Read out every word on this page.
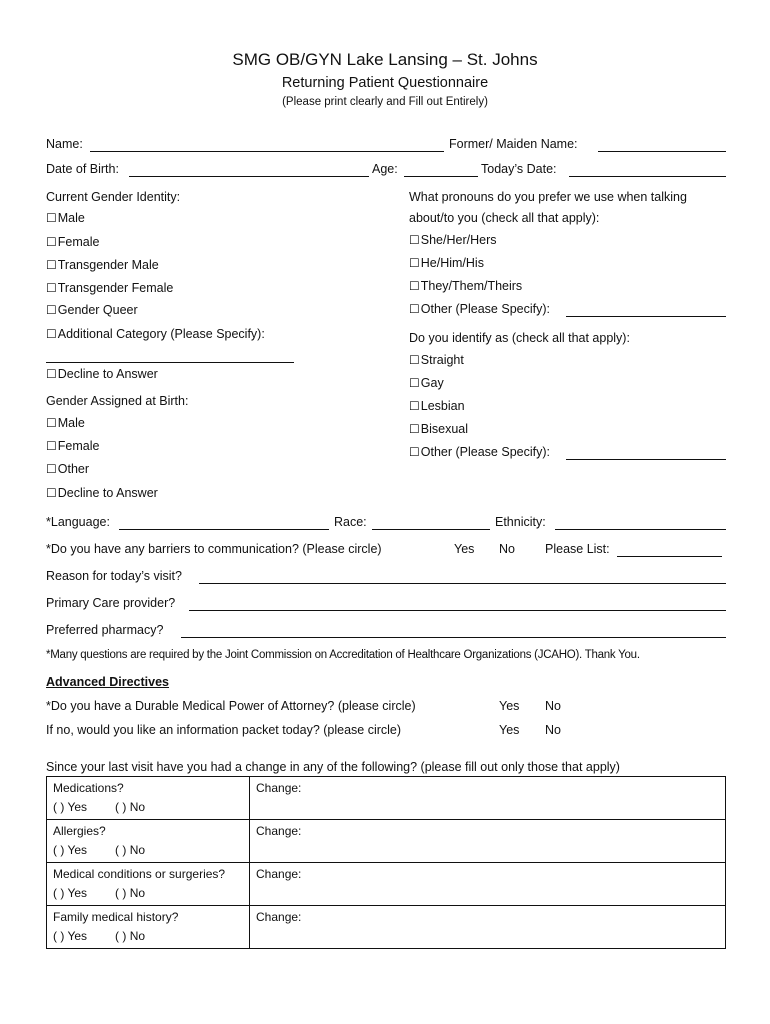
SMG OB/GYN Lake Lansing – St. Johns
Returning Patient Questionnaire
(Please print clearly and Fill out Entirely)
Name:	Former/ Maiden Name:
Date of Birth:	Age:	Today’s Date:
Current Gender Identity:
☐Male
☐Female
☐Transgender Male
☐Transgender Female
☐Gender Queer
☐Additional Category (Please Specify):
☐Decline to Answer
Gender Assigned at Birth:
☐Male
☐Female
☐Other
☐Decline to Answer
What pronouns do you prefer we use when talking
about/to you (check all that apply):
☐She/Her/Hers
☐He/Him/His
☐They/Them/Theirs
☐Other (Please Specify):
Do you identify as (check all that apply):
☐Straight
☐Gay
☐Lesbian
☐Bisexual
☐Other (Please Specify):
*Language:	Race:	Ethnicity:
*Do you have any barriers to communication? (Please circle)	Yes No Please List:
Reason for today’s visit?
Primary Care provider?
Preferred pharmacy?
*Many questions are required by the Joint Commission on Accreditation of Healthcare Organizations (JCAHO). Thank You.
Advanced Directives
*Do you have a Durable Medical Power of Attorney? (please circle)	Yes No
If no, would you like an information packet today? (please circle)	Yes No
Since your last visit have you had a change in any of the following? (please fill out only those that apply)
Medications?
( ) Yes ( ) No	Change:

Allergies?
( ) Yes ( ) No	Change:

Medical conditions or surgeries?
( ) Yes ( ) No	Change:

Family medical history?
( ) Yes ( ) No	Change:
